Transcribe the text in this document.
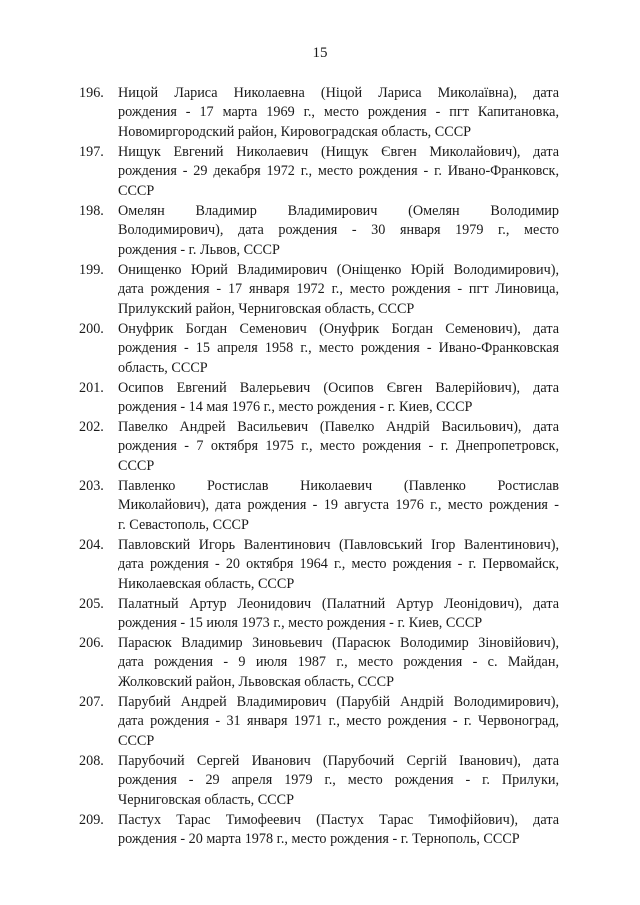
15
196. Ницой Лариса Николаевна (Ніцой Лариса Миколаївна), дата
рождения - 17 марта 1969 г., место рождения - пгт Капитановка,
Новомиргородский район, Кировоградская область, СССР
197. Нищук Евгений Николаевич (Нищук Євген Миколайович), дата
рождения - 29 декабря 1972 г., место рождения - г. Ивано-Франковск,
СССР
198. Омелян Владимир Владимирович (Омелян Володимир
Володимирович), дата рождения - 30 января 1979 г., место
рождения - г. Львов, СССР
199. Онищенко Юрий Владимирович (Оніщенко Юрій Володимирович),
дата рождения - 17 января 1972 г., место рождения - пгт Линовица,
Прилукский район, Черниговская область, СССР
200. Онуфрик Богдан Семенович (Онуфрик Богдан Семенович), дата
рождения - 15 апреля 1958 г., место рождения - Ивано-Франковская
область, СССР
201. Осипов Евгений Валерьевич (Осипов Євген Валерійович), дата
рождения - 14 мая 1976 г., место рождения - г. Киев, СССР
202. Павелко Андрей Васильевич (Павелко Андрій Васильович), дата
рождения - 7 октября 1975 г., место рождения - г. Днепропетровск,
СССР
203. Павленко Ростислав Николаевич (Павленко Ростислав
Миколайович), дата рождения - 19 августа 1976 г., место рождения -
г. Севастополь, СССР
204. Павловский Игорь Валентинович (Павловський Ігор Валентинович),
дата рождения - 20 октября 1964 г., место рождения - г. Первомайск,
Николаевская область, СССР
205. Палатный Артур Леонидович (Палатний Артур Леонідович), дата
рождения - 15 июля 1973 г., место рождения - г. Киев, СССР
206. Парасюк Владимир Зиновьевич (Парасюк Володимир Зіновійович),
дата рождения - 9 июля 1987 г., место рождения - с. Майдан,
Жолковский район, Львовская область, СССР
207. Парубий Андрей Владимирович (Парубій Андрій Володимирович),
дата рождения - 31 января 1971 г., место рождения - г. Червоноград,
СССР
208. Парубочий Сергей Иванович (Парубочий Сергій Іванович), дата
рождения - 29 апреля 1979 г., место рождения - г. Прилуки,
Черниговская область, СССР
209. Пастух Тарас Тимофеевич (Пастух Тарас Тимофійович), дата
рождения - 20 марта 1978 г., место рождения - г. Тернополь, СССР
